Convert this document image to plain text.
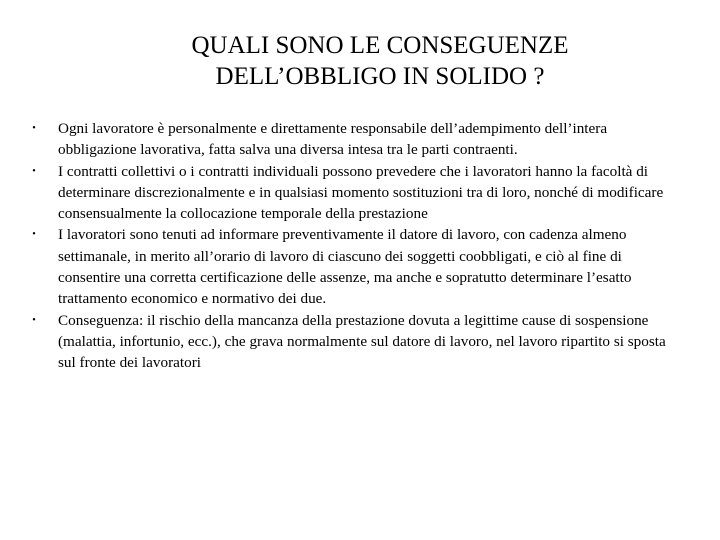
QUALI SONO LE CONSEGUENZE
DELL’OBBLIGO IN SOLIDO ?
• Ogni lavoratore è personalmente e direttamente responsabile dell’adempimento dell’intera obbligazione lavorativa, fatta salva una diversa intesa tra le parti contraenti.
• I contratti collettivi o i contratti individuali possono prevedere che i lavoratori hanno la facoltà di determinare discrezionalmente e in qualsiasi momento sostituzioni tra di loro, nonché di modificare consensualmente la collocazione temporale della prestazione
• I lavoratori sono tenuti ad informare preventivamente il datore di lavoro, con cadenza almeno settimanale, in merito all’orario di lavoro di ciascuno dei soggetti coobbligati, e ciò al fine di consentire una corretta certificazione delle assenze, ma anche e sopratutto determinare l’esatto trattamento economico e normativo dei due.
• Conseguenza: il rischio della mancanza della prestazione dovuta a legittime cause di sospensione (malattia, infortunio, ecc.), che grava normalmente sul datore di lavoro, nel lavoro ripartito si sposta sul fronte dei lavoratori
